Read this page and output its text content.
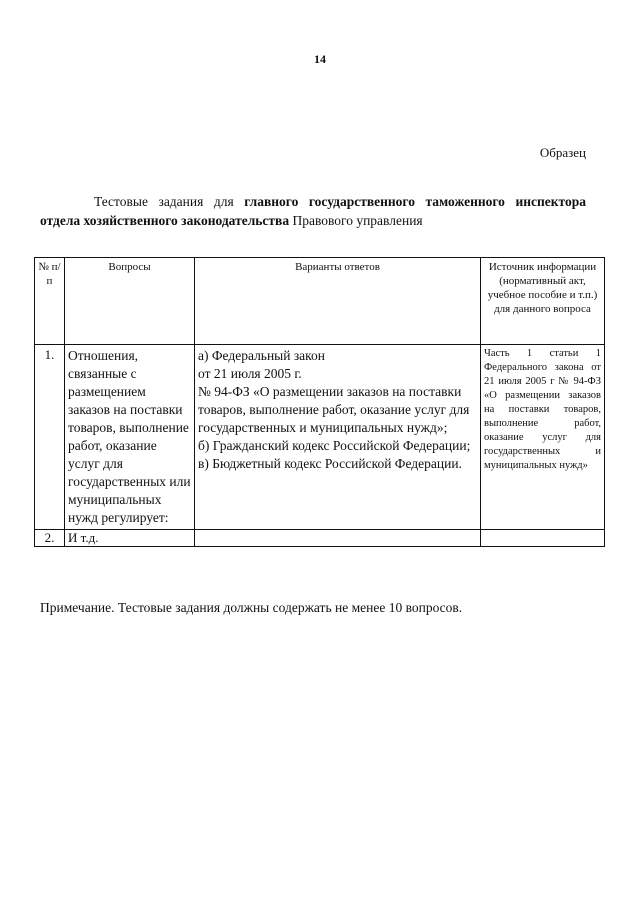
14
Образец
Тестовые задания для главного государственного таможенного инспектора отдела хозяйственного законодательства Правового управления
№ п/п	Вопросы	Варианты ответов	Источник информации (нормативный акт, учебное пособие и т.п.) для данного вопроса
1.	Отношения, связанные с размещением заказов на поставки товаров, выполнение работ, оказание услуг для государственных или муниципальных нужд регулирует:	а) Федеральный закон
от 21 июля 2005 г.
№ 94-ФЗ «О размещении заказов на поставки товаров, выполнение работ, оказание услуг для государственных и муниципальных нужд»;
б) Гражданский кодекс Российской Федерации;
в) Бюджетный кодекс Российской Федерации.	Часть 1 статьи 1 Федерального закона от 21 июля 2005 г № 94-ФЗ «О размещении заказов на поставки товаров, выполнение работ, оказание услуг для государственных и муниципальных нужд»
2.	И т.д.		
Примечание. Тестовые задания должны содержать не менее 10 вопросов.
